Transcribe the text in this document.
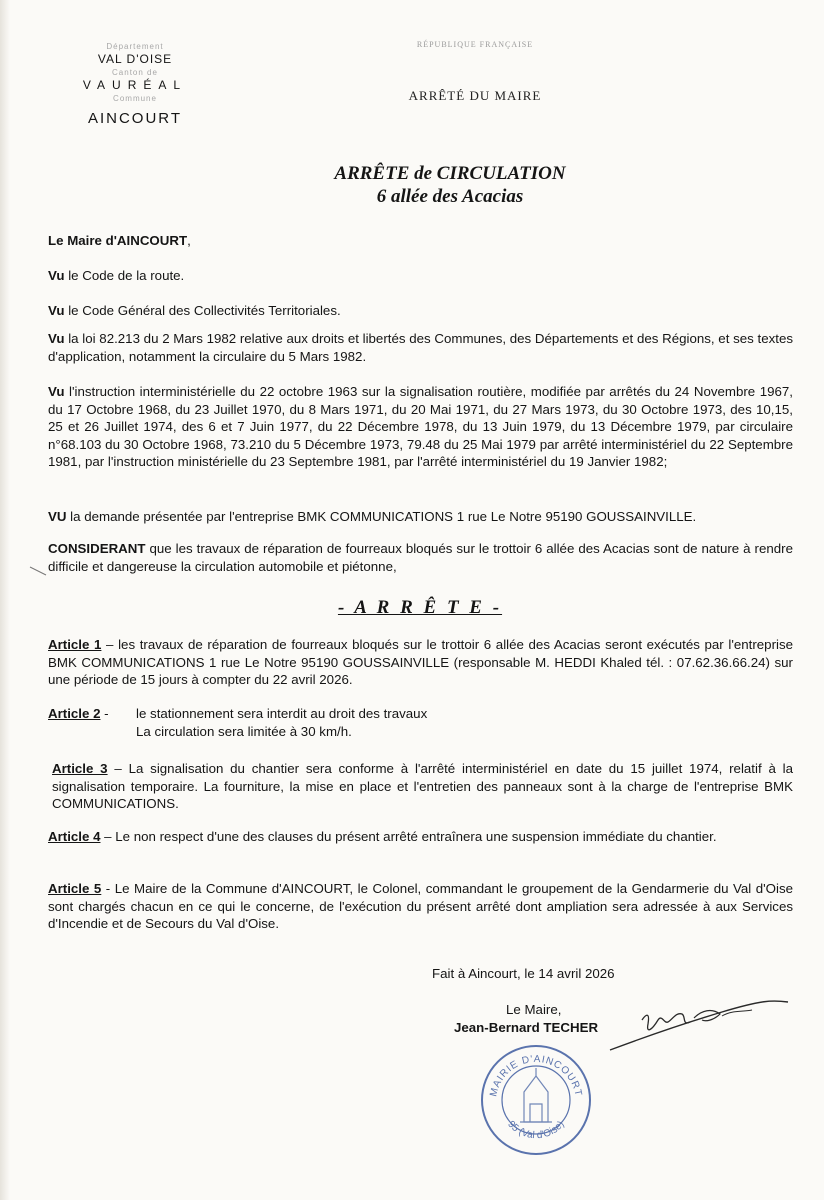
Département
VAL D'OISE
Canton de
VAURÉAL
Commune
AINCOURT
RÉPUBLIQUE FRANÇAISE
ARRÊTÉ DU MAIRE
ARRÊTE de CIRCULATION
6 allée des Acacias
Le Maire d'AINCOURT,
Vu le Code de la route.
Vu le Code Général des Collectivités Territoriales.
Vu la loi 82.213 du 2 Mars 1982 relative aux droits et libertés des Communes, des Départements et des Régions, et ses textes d'application, notamment la circulaire du 5 Mars 1982.
Vu l'instruction interministérielle du 22 octobre 1963 sur la signalisation routière, modifiée par arrêtés du 24 Novembre 1967, du 17 Octobre 1968, du 23 Juillet 1970, du 8 Mars 1971, du 20 Mai 1971, du 27 Mars 1973, du 30 Octobre 1973, des 10,15, 25 et 26 Juillet 1974, des 6 et 7 Juin 1977, du 22 Décembre 1978, du 13 Juin 1979, du 13 Décembre 1979, par circulaire n°68.103 du 30 Octobre 1968, 73.210 du 5 Décembre 1973, 79.48 du 25 Mai 1979 par arrêté interministériel du 22 Septembre 1981, par l'instruction ministérielle du 23 Septembre 1981, par l'arrêté interministériel du 19 Janvier 1982;
VU la demande présentée par l'entreprise BMK COMMUNICATIONS 1 rue Le Notre 95190 GOUSSAINVILLE.
CONSIDERANT que les travaux de réparation de fourreaux bloqués sur le trottoir 6 allée des Acacias sont de nature à rendre difficile et dangereuse la circulation automobile et piétonne,
- A R R Ê T E -
Article 1 – les travaux de réparation de fourreaux bloqués sur le trottoir 6 allée des Acacias seront exécutés par l'entreprise BMK COMMUNICATIONS 1 rue Le Notre 95190 GOUSSAINVILLE (responsable M. HEDDI Khaled tél. : 07.62.36.66.24) sur une période de 15 jours à compter du 22 avril 2026.
Article 2 - le stationnement sera interdit au droit des travaux
La circulation sera limitée à 30 km/h.
Article 3 – La signalisation du chantier sera conforme à l'arrêté interministériel en date du 15 juillet 1974, relatif à la signalisation temporaire. La fourniture, la mise en place et l'entretien des panneaux sont à la charge de l'entreprise BMK COMMUNICATIONS.
Article 4 – Le non respect d'une des clauses du présent arrêté entraînera une suspension immédiate du chantier.
Article 5 - Le Maire de la Commune d'AINCOURT, le Colonel, commandant le groupement de la Gendarmerie du Val d'Oise sont chargés chacun en ce qui le concerne, de l'exécution du présent arrêté dont ampliation sera adressée à aux Services d'Incendie et de Secours du Val d'Oise.
Fait à Aincourt, le 14 avril 2026
Le Maire,
Jean-Bernard TECHER
MAIRIE D'AINCOURT
95 (Val d'Oise)
